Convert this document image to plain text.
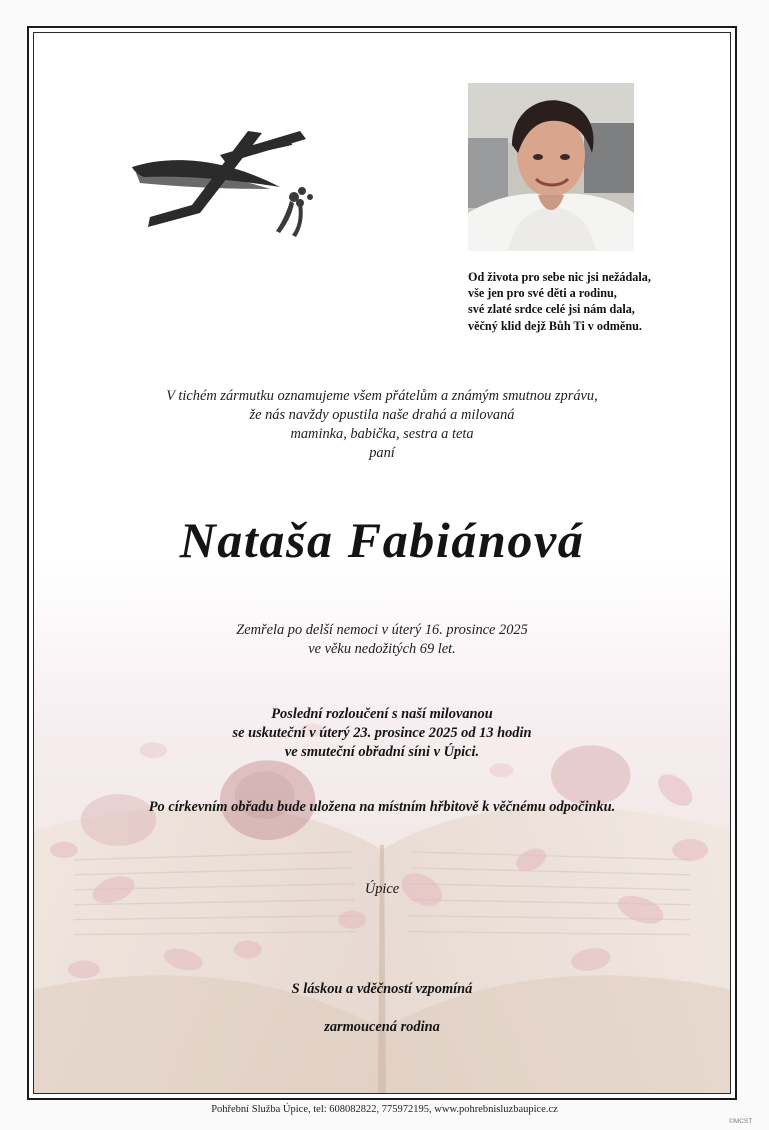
Od života pro sebe nic jsi nežádala,
vše jen pro své děti a rodinu,
své zlaté srdce celé jsi nám dala,
věčný klid dejž Bůh Ti v odměnu.
V tichém zármutku oznamujeme všem přátelům a známým smutnou zprávu,
že nás navždy opustila naše drahá a milovaná
maminka, babička, sestra a teta
paní
Nataša Fabiánová
Zemřela po delší nemoci v úterý 16. prosince 2025
ve věku nedožitých 69 let.
Poslední rozloučení s naší milovanou
se uskuteční v úterý 23. prosince 2025 od 13 hodin
ve smuteční obřadní síni v Úpici.
Po církevním obřadu bude uložena na místním hřbitově k věčnému odpočinku.
Úpice
S láskou a vděčností vzpomíná
zarmoucená rodina
Pohřební Služba Úpice, tel: 608082822, 775972195, www.pohrebnisluzbaupice.cz
©MCST
